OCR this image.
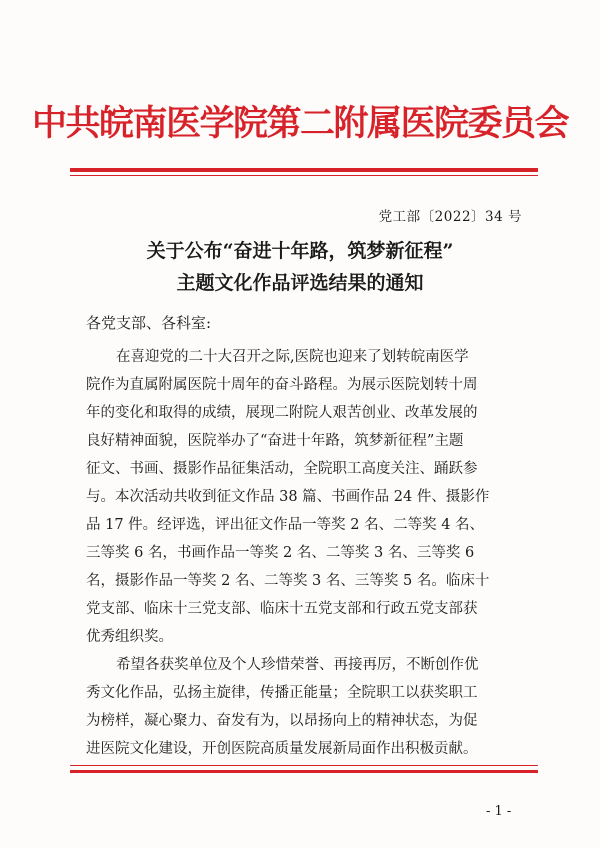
中共皖南医学院第二附属医院委员会
党工部〔2022〕34 号
关于公布“奋进十年路，筑梦新征程”
主题文化作品评选结果的通知
各党支部、各科室:
在喜迎党的二十大召开之际,医院也迎来了划转皖南医学
院作为直属附属医院十周年的奋斗路程。为展示医院划转十周
年的变化和取得的成绩，展现二附院人艰苦创业、改革发展的
良好精神面貌，医院举办了“奋进十年路，筑梦新征程”主题
征文、书画、摄影作品征集活动，全院职工高度关注、踊跃参
与。本次活动共收到征文作品 38 篇、书画作品 24 件、摄影作
品 17 件。经评选，评出征文作品一等奖 2 名、二等奖 4 名、
三等奖 6 名，书画作品一等奖 2 名、二等奖 3 名、三等奖 6
名，摄影作品一等奖 2 名、二等奖 3 名、三等奖 5 名。临床十
党支部、临床十三党支部、临床十五党支部和行政五党支部获
优秀组织奖。
希望各获奖单位及个人珍惜荣誉、再接再厉，不断创作优
秀文化作品，弘扬主旋律，传播正能量；全院职工以获奖职工
为榜样，凝心聚力、奋发有为，以昂扬向上的精神状态，为促
进医院文化建设，开创医院高质量发展新局面作出积极贡献。
- 1 -
